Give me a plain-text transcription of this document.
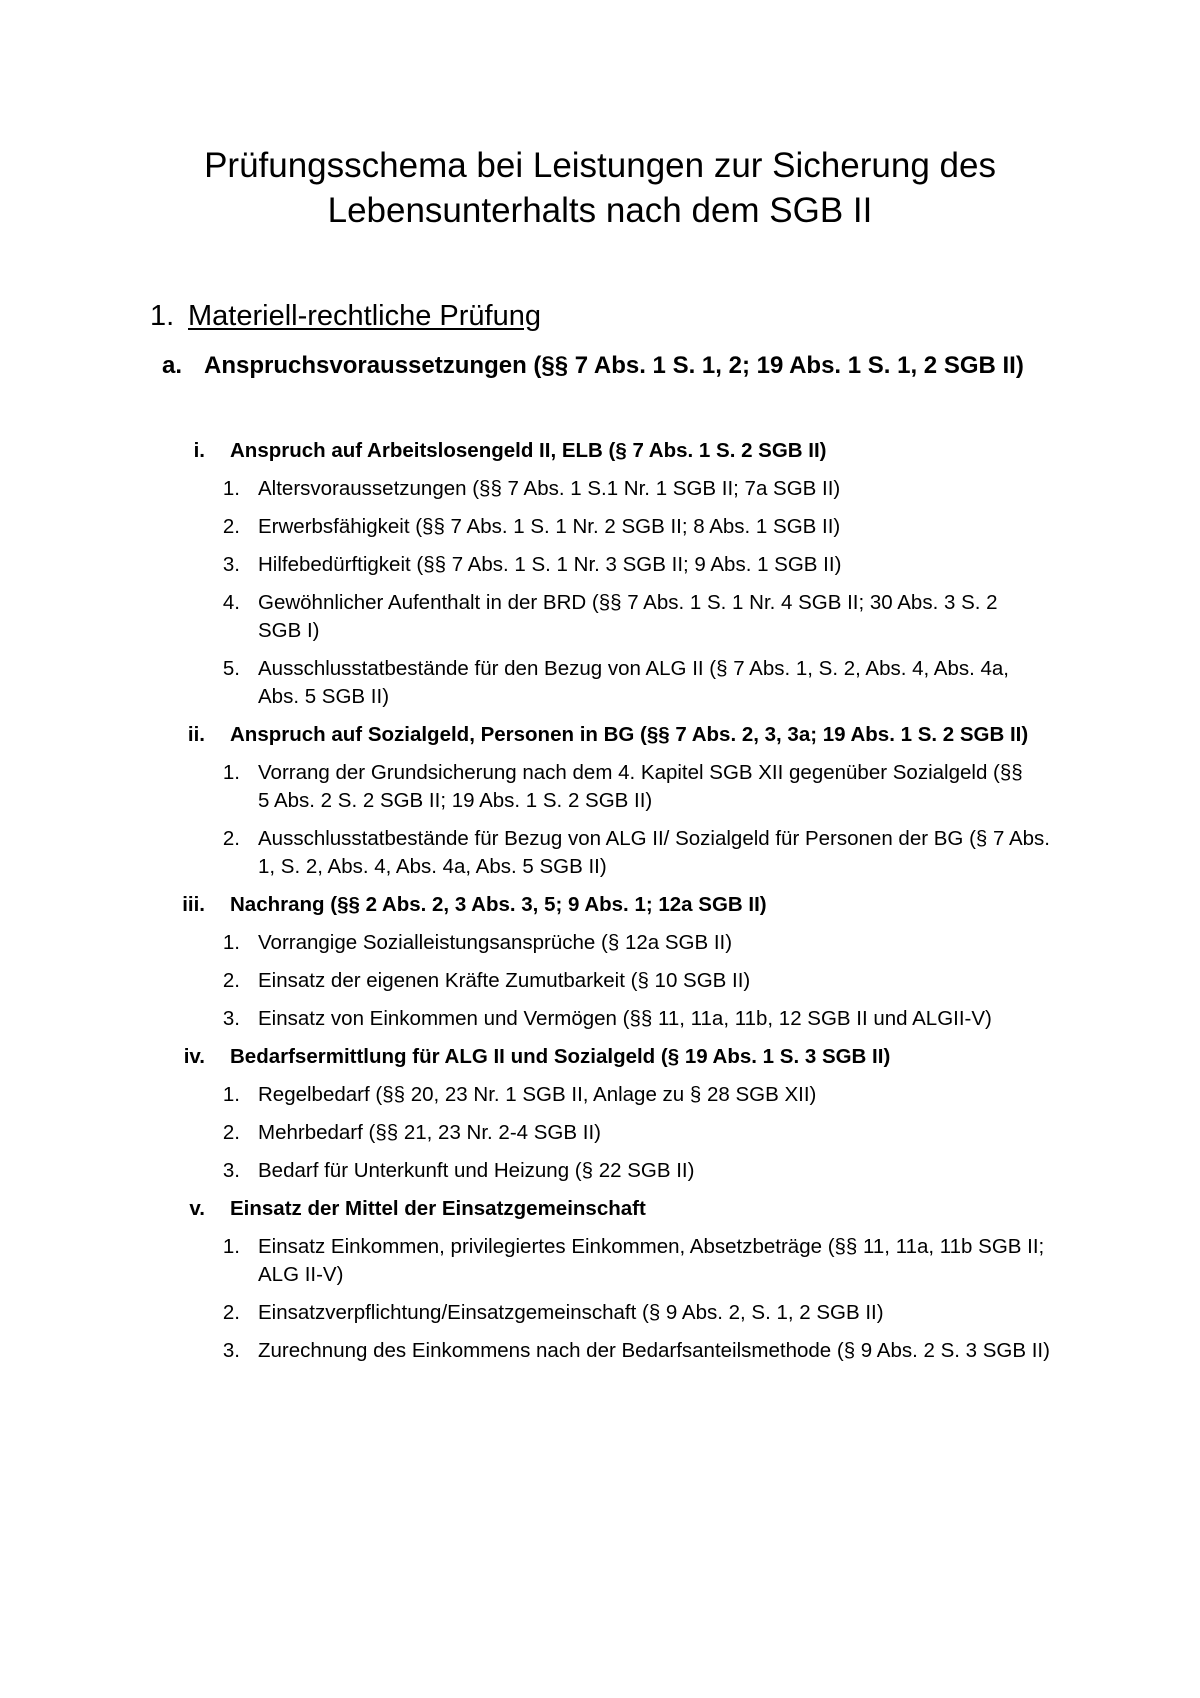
Prüfungsschema bei Leistungen zur Sicherung des Lebensunterhalts nach dem SGB II
1. Materiell-rechtliche Prüfung
a. Anspruchsvoraussetzungen (§§ 7 Abs. 1 S. 1, 2; 19 Abs. 1 S. 1, 2 SGB II)
i. Anspruch auf Arbeitslosengeld II, ELB (§ 7 Abs. 1 S. 2 SGB II)
1. Altersvoraussetzungen (§§ 7 Abs. 1 S.1 Nr. 1 SGB II; 7a SGB II)
2. Erwerbsfähigkeit (§§ 7 Abs. 1 S. 1 Nr. 2 SGB II; 8 Abs. 1 SGB II)
3. Hilfebedürftigkeit (§§ 7 Abs. 1 S. 1 Nr. 3 SGB II; 9 Abs. 1 SGB II)
4. Gewöhnlicher Aufenthalt in der BRD (§§ 7 Abs. 1 S. 1 Nr. 4 SGB II; 30 Abs. 3 S. 2 SGB I)
5. Ausschlusstatbestände für den Bezug von ALG II (§ 7 Abs. 1, S. 2, Abs. 4, Abs. 4a, Abs. 5 SGB II)
ii. Anspruch auf Sozialgeld, Personen in BG (§§ 7 Abs. 2, 3, 3a; 19 Abs. 1 S. 2 SGB II)
1. Vorrang der Grundsicherung nach dem 4. Kapitel SGB XII gegenüber Sozialgeld (§§ 5 Abs. 2 S. 2 SGB II; 19 Abs. 1 S. 2 SGB II)
2. Ausschlusstatbestände für Bezug von ALG II/ Sozialgeld für Personen der BG (§ 7 Abs. 1, S. 2, Abs. 4, Abs. 4a, Abs. 5 SGB II)
iii. Nachrang (§§ 2 Abs. 2, 3 Abs. 3, 5; 9 Abs. 1; 12a SGB II)
1. Vorrangige Sozialleistungsansprüche (§ 12a SGB II)
2. Einsatz der eigenen Kräfte Zumutbarkeit (§ 10 SGB II)
3. Einsatz von Einkommen und Vermögen (§§ 11, 11a, 11b, 12 SGB II und ALGII-V)
iv. Bedarfsermittlung für ALG II und Sozialgeld (§ 19 Abs. 1 S. 3 SGB II)
1. Regelbedarf (§§ 20, 23 Nr. 1 SGB II, Anlage zu § 28 SGB XII)
2. Mehrbedarf (§§ 21, 23 Nr. 2-4 SGB II)
3. Bedarf für Unterkunft und Heizung (§ 22 SGB II)
v. Einsatz der Mittel der Einsatzgemeinschaft
1. Einsatz Einkommen, privilegiertes Einkommen, Absetzbeträge (§§ 11, 11a, 11b SGB II; ALG II-V)
2. Einsatzverpflichtung/Einsatzgemeinschaft (§ 9 Abs. 2, S. 1, 2 SGB II)
3. Zurechnung des Einkommens nach der Bedarfsanteilsmethode (§ 9 Abs. 2 S. 3 SGB II)
